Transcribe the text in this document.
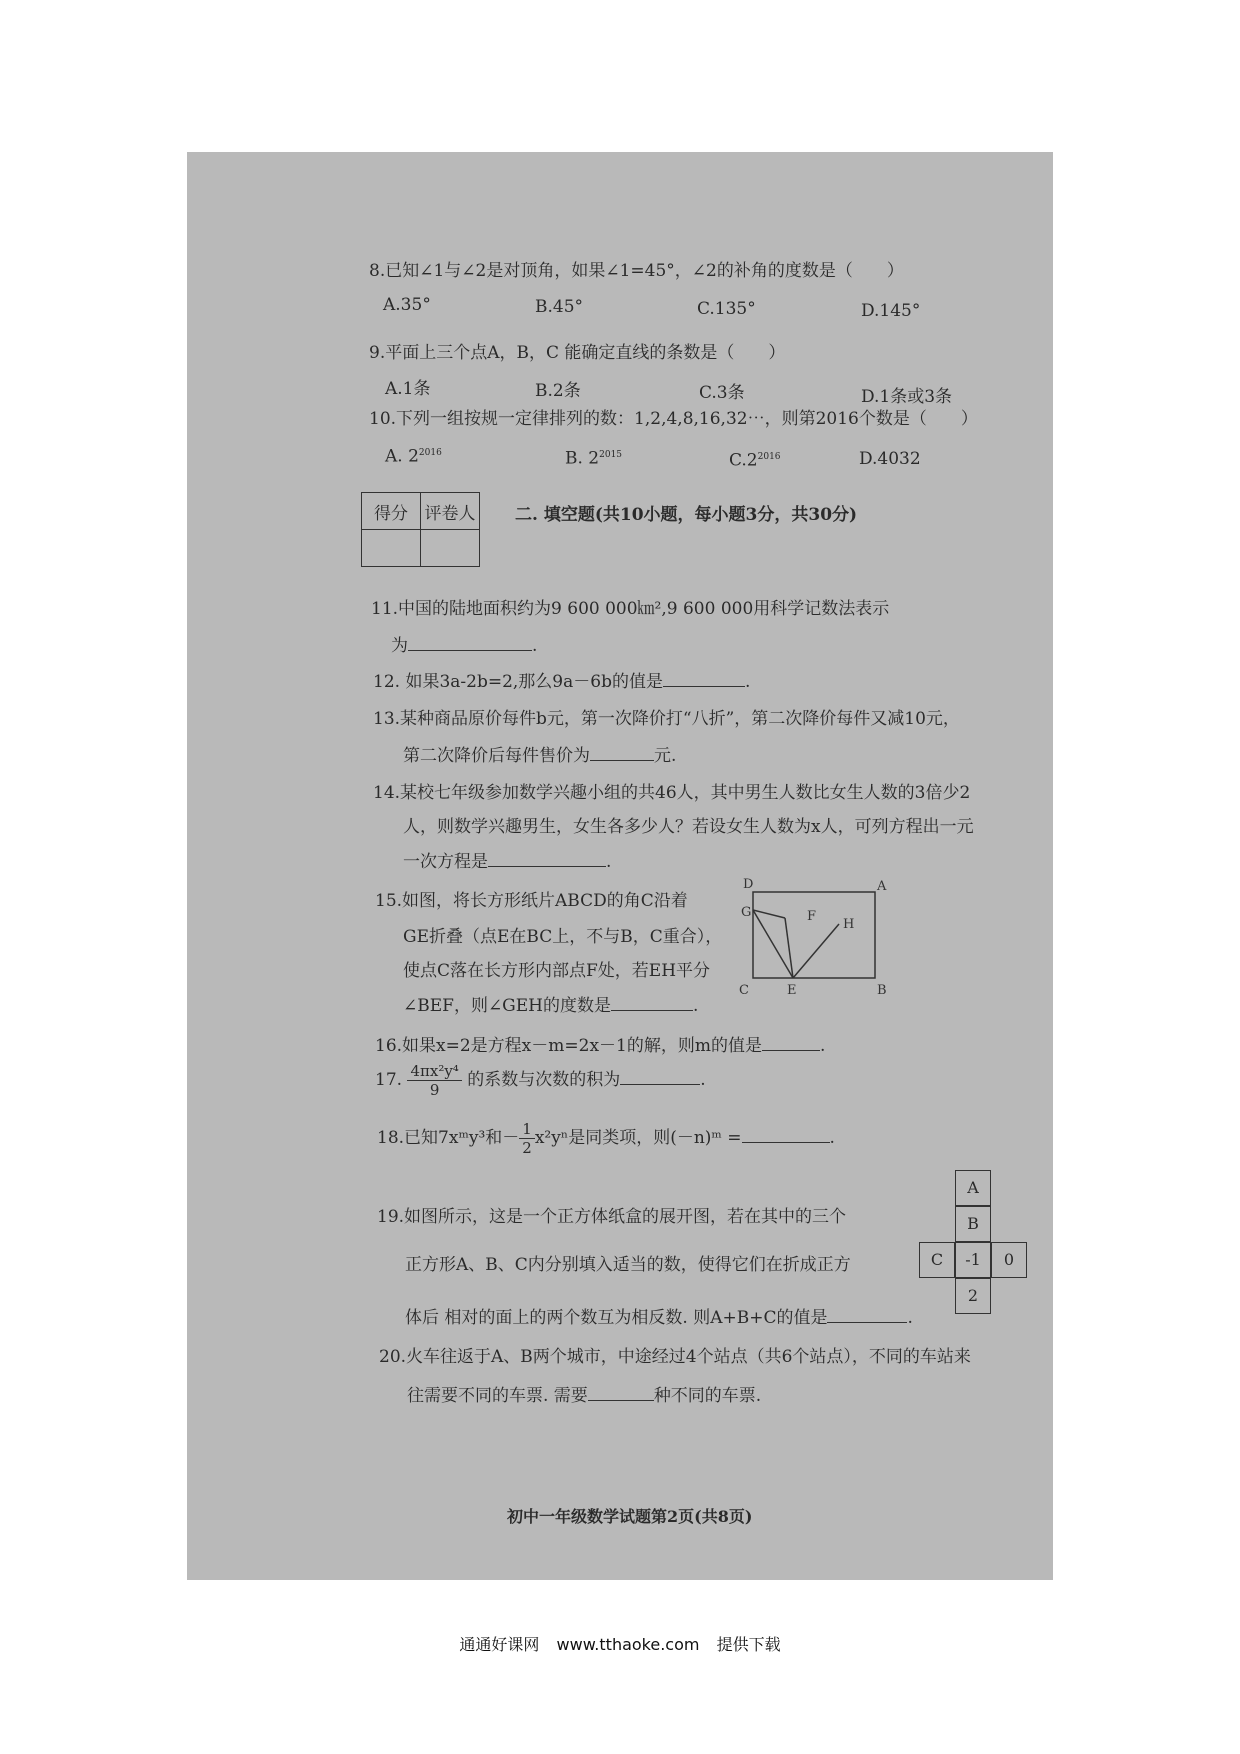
8.已知∠1与∠2是对顶角，如果∠1=45°，∠2的补角的度数是（　　）
A.35°	B.45°	C.135°	D.145°
9.平面上三个点A，B，C 能确定直线的条数是（　　）
A.1条	B.2条	C.3条	D.1条或3条
10.下列一组按规一定律排列的数：1,2,4,8,16,32⋯，则第2016个数是（　　）
A. $2^{2016}$	B. $2^{2015}$	$C.2^{2016}$	D.4032
得分	评卷人
	二. 填空题(共10小题，每小题3分，共30分)
11.中国的陆地面积约为9 600 000㎞²,9 600 000用科学记数法表示
为	.
12. 如果3a-2b=2,那么9a－6b的值是	.
13.某种商品原价每件b元，第一次降价打“八折”，第二次降价每件又减10元，
第二次降价后每件售价为	元.
14.某校七年级参加数学兴趣小组的共46人，其中男生人数比女生人数的3倍少2
人，则数学兴趣男生，女生各多少人？若设女生人数为x人，可列方程出一元
一次方程是	.
15.如图，将长方形纸片ABCD的角C沿着
GE折叠（点E在BC上，不与B，C重合），
使点C落在长方形内部点F处，若EH平分
∠BEF，则∠GEH的度数是	.
D	A
G	F
H
C	E	B
16.如果x=2是方程x－m=2x－1的解，则m的值是	.
17. $\frac{\text{4πx²y⁴}}{9}$ 的系数与次数的积为	.
18.已知7xᵐy³和－ $\frac{1}{2} x^2y^n$是同类项，则(－n)ᵐ =	.
19.如图所示，这是一个正方体纸盒的展开图，若在其中的三个
正方形A、B、C内分别填入适当的数，使得它们在折成正方
体后 相对的面上的两个数互为相反数. 则A+B+C的值是	.
A
B
C	-1	0
2
20.火车往返于A、B两个城市，中途经过4个站点（共6个站点），不同的车站来
往需要不同的车票. 需要	种不同的车票.
初中一年级数学试题第2页(共8页)
通通好课网 www.tthaoke.com 提供下载
